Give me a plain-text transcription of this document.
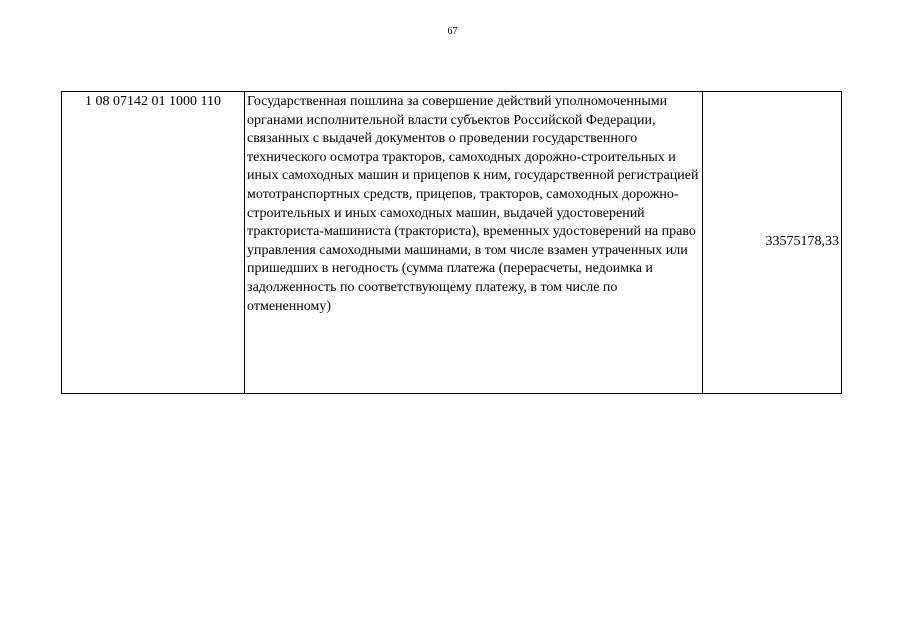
67
1 08 07142 01 1000 110	Государственная пошлина за совершение действий уполномоченными органами исполнительной власти субъектов Российской Федерации, связанных с выдачей документов о проведении государственного технического осмотра тракторов, самоходных дорожно-строительных и иных самоходных машин и прицепов к ним, государственной регистрацией мототранспортных средств, прицепов, тракторов, самоходных дорожно-строительных и иных самоходных машин, выдачей удостоверений тракториста-машиниста (тракториста), временных удостоверений на право управления самоходными машинами, в том числе взамен утраченных или пришедших в негодность (сумма платежа (перерасчеты, недоимка и задолженность по соответствующему платежу, в том числе по отмененному)	33575178,33
